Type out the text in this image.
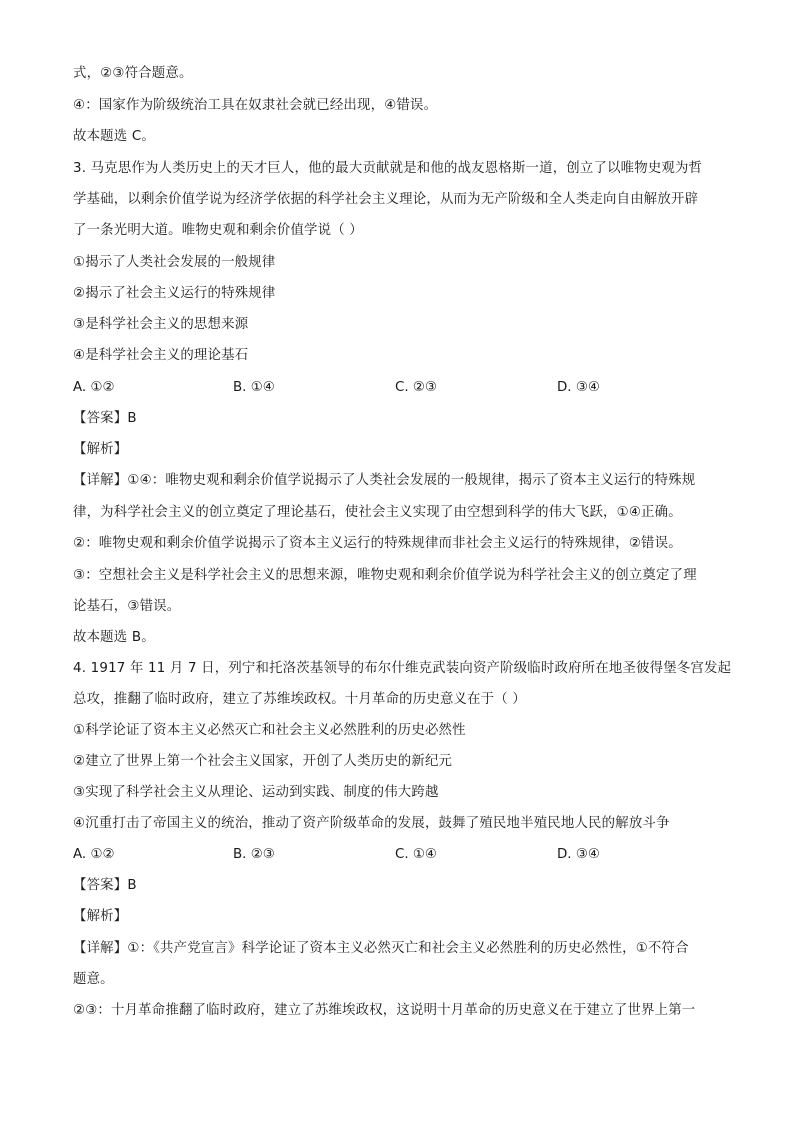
式，②③符合题意。
④：国家作为阶级统治工具在奴隶社会就已经出现，④错误。
故本题选 C。
3. 马克思作为人类历史上的天才巨人，他的最大贡献就是和他的战友恩格斯一道，创立了以唯物史观为哲
学基础，以剩余价值学说为经济学依据的科学社会主义理论，从而为无产阶级和全人类走向自由解放开辟
了一条光明大道。唯物史观和剩余价值学说（ ）
①揭示了人类社会发展的一般规律
②揭示了社会主义运行的特殊规律
③是科学社会主义的思想来源
④是科学社会主义的理论基石
A. ①②	B. ①④	C. ②③	D. ③④
【答案】B
【解析】
【详解】①④：唯物史观和剩余价值学说揭示了人类社会发展的一般规律，揭示了资本主义运行的特殊规
律，为科学社会主义的创立奠定了理论基石，使社会主义实现了由空想到科学的伟大飞跃，①④正确。
②：唯物史观和剩余价值学说揭示了资本主义运行的特殊规律而非社会主义运行的特殊规律，②错误。
③：空想社会主义是科学社会主义的思想来源，唯物史观和剩余价值学说为科学社会主义的创立奠定了理
论基石，③错误。
故本题选 B。
4. 1917 年 11 月 7 日，列宁和托洛茨基领导的布尔什维克武装向资产阶级临时政府所在地圣彼得堡冬宫发起
总攻，推翻了临时政府，建立了苏维埃政权。十月革命的历史意义在于（ ）
①科学论证了资本主义必然灭亡和社会主义必然胜利的历史必然性
②建立了世界上第一个社会主义国家，开创了人类历史的新纪元
③实现了科学社会主义从理论、运动到实践、制度的伟大跨越
④沉重打击了帝国主义的统治，推动了资产阶级革命的发展，鼓舞了殖民地半殖民地人民的解放斗争
A. ①②	B. ②③	C. ①④	D. ③④
【答案】B
【解析】
【详解】①：《共产党宣言》科学论证了资本主义必然灭亡和社会主义必然胜利的历史必然性，①不符合
题意。
②③：十月革命推翻了临时政府，建立了苏维埃政权，这说明十月革命的历史意义在于建立了世界上第一
